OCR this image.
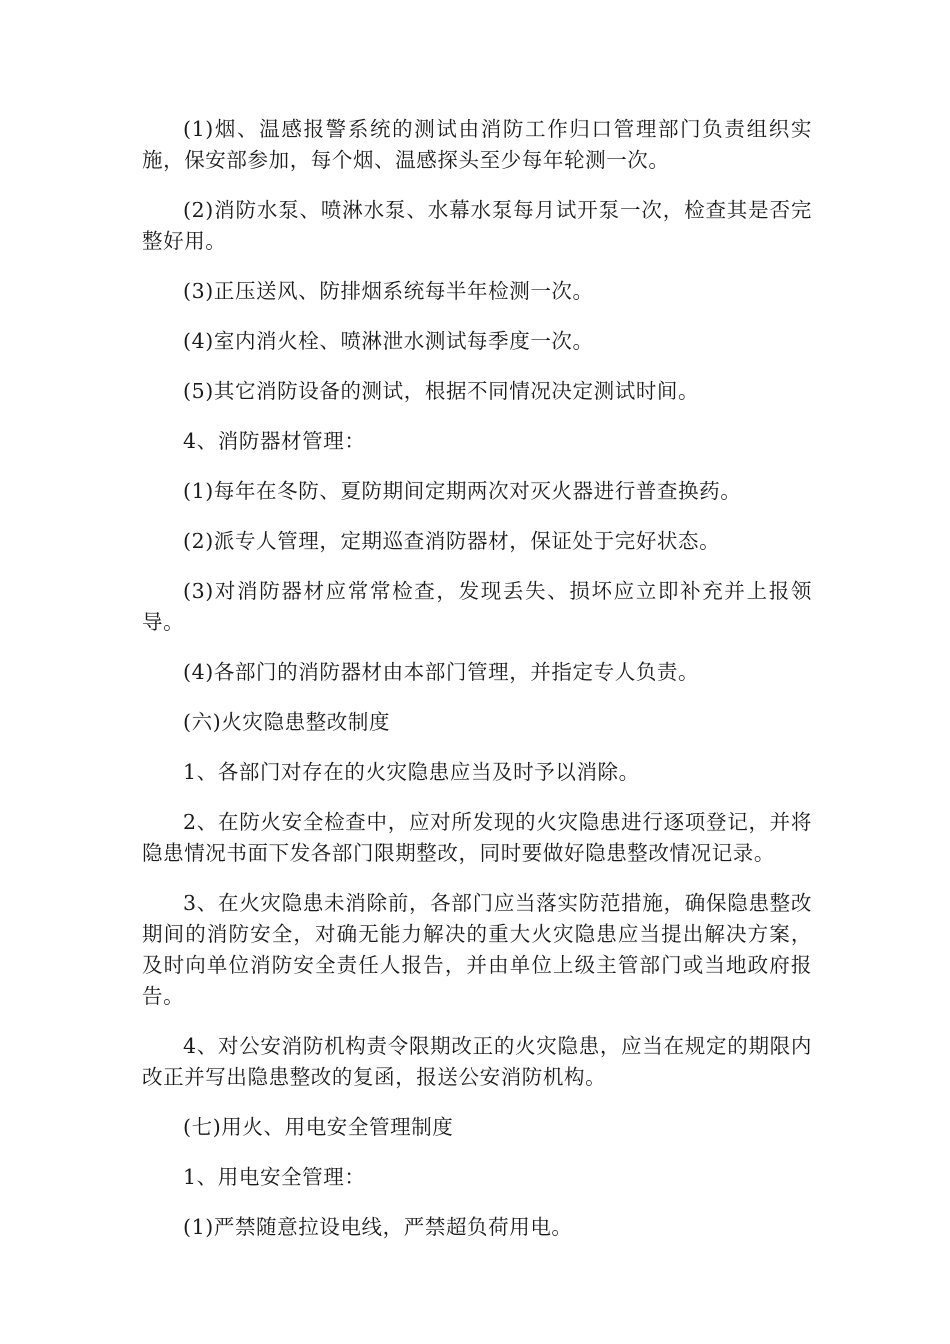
(1)烟、温感报警系统的测试由消防工作归口管理部门负责组织实施，保安部参加，每个烟、温感探头至少每年轮测一次。

(2)消防水泵、喷淋水泵、水幕水泵每月试开泵一次，检查其是否完整好用。

(3)正压送风、防排烟系统每半年检测一次。

(4)室内消火栓、喷淋泄水测试每季度一次。

(5)其它消防设备的测试，根据不同情况决定测试时间。

4、消防器材管理：

(1)每年在冬防、夏防期间定期两次对灭火器进行普查换药。

(2)派专人管理，定期巡查消防器材，保证处于完好状态。

(3)对消防器材应常常检查，发现丢失、损坏应立即补充并上报领导。

(4)各部门的消防器材由本部门管理，并指定专人负责。

(六)火灾隐患整改制度

1、各部门对存在的火灾隐患应当及时予以消除。

2、在防火安全检查中，应对所发现的火灾隐患进行逐项登记，并将隐患情况书面下发各部门限期整改，同时要做好隐患整改情况记录。

3、在火灾隐患未消除前，各部门应当落实防范措施，确保隐患整改期间的消防安全，对确无能力解决的重大火灾隐患应当提出解决方案，及时向单位消防安全责任人报告，并由单位上级主管部门或当地政府报告。

4、对公安消防机构责令限期改正的火灾隐患，应当在规定的期限内改正并写出隐患整改的复函，报送公安消防机构。

(七)用火、用电安全管理制度

1、用电安全管理：

(1)严禁随意拉设电线，严禁超负荷用电。
